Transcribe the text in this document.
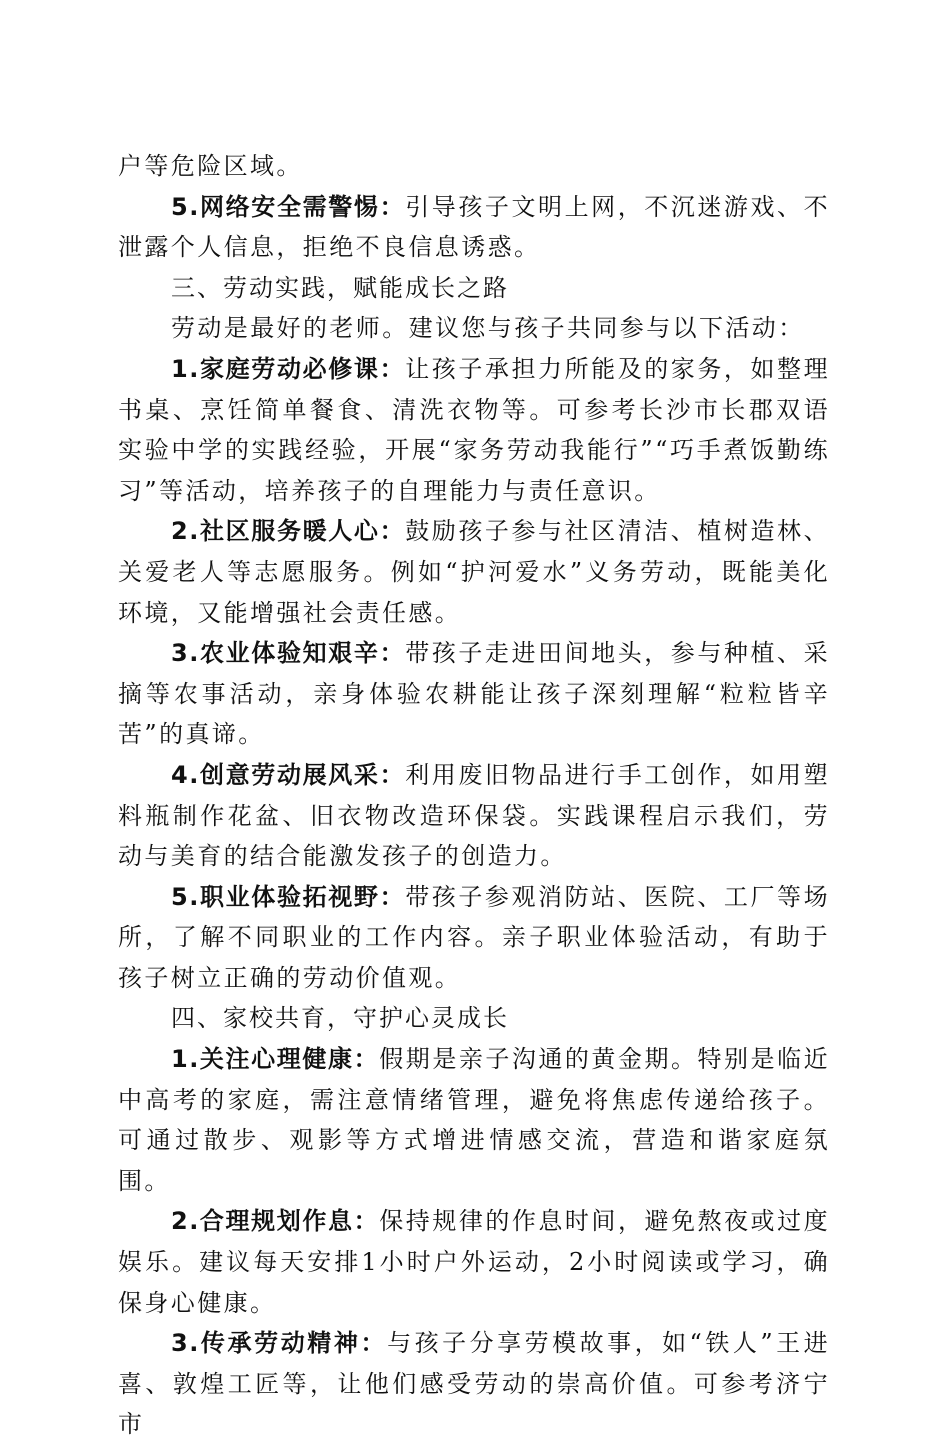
户等危险区域。

5.网络安全需警惕：引导孩子文明上网，不沉迷游戏、不泄露个人信息，拒绝不良信息诱惑。

三、劳动实践，赋能成长之路

劳动是最好的老师。建议您与孩子共同参与以下活动：

1.家庭劳动必修课：让孩子承担力所能及的家务，如整理书桌、烹饪简单餐食、清洗衣物等。可参考长沙市长郡双语实验中学的实践经验，开展“家务劳动我能行”“巧手煮饭勤练习”等活动，培养孩子的自理能力与责任意识。

2.社区服务暖人心：鼓励孩子参与社区清洁、植树造林、关爱老人等志愿服务。例如“护河爱水”义务劳动，既能美化环境，又能增强社会责任感。

3.农业体验知艰辛：带孩子走进田间地头，参与种植、采摘等农事活动，亲身体验农耕能让孩子深刻理解“粒粒皆辛苦”的真谛。

4.创意劳动展风采：利用废旧物品进行手工创作，如用塑料瓶制作花盆、旧衣物改造环保袋。实践课程启示我们，劳动与美育的结合能激发孩子的创造力。

5.职业体验拓视野：带孩子参观消防站、医院、工厂等场所，了解不同职业的工作内容。亲子职业体验活动，有助于孩子树立正确的劳动价值观。

四、家校共育，守护心灵成长

1.关注心理健康：假期是亲子沟通的黄金期。特别是临近中高考的家庭，需注意情绪管理，避免将焦虑传递给孩子。可通过散步、观影等方式增进情感交流，营造和谐家庭氛围。

2.合理规划作息：保持规律的作息时间，避免熬夜或过度娱乐。建议每天安排1小时户外运动，2小时阅读或学习，确保身心健康。

3.传承劳动精神：与孩子分享劳模故事，如“铁人”王进喜、敦煌工匠等，让他们感受劳动的崇高价值。可参考济宁市
